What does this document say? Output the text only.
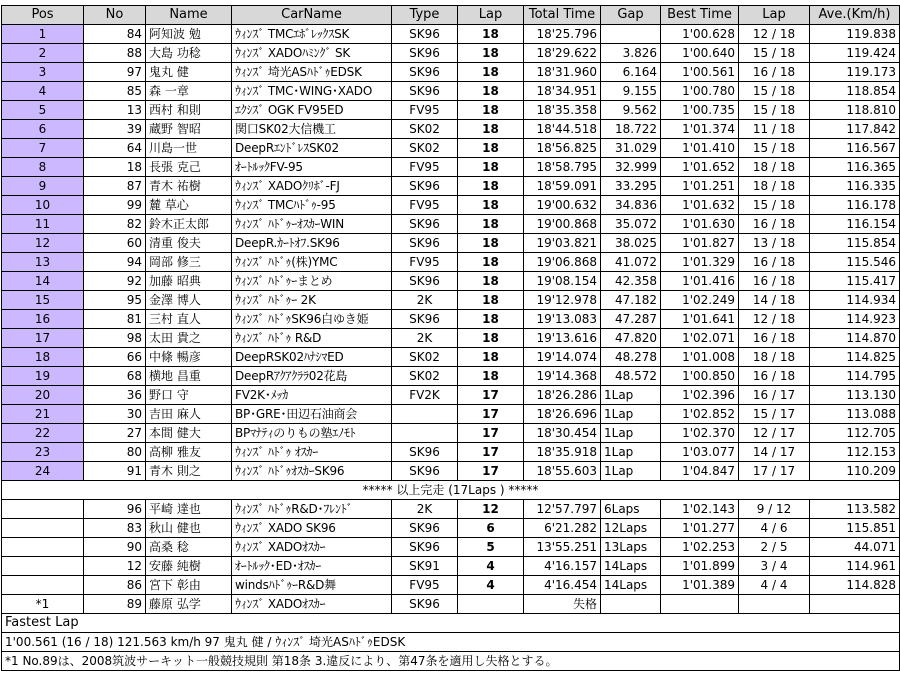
Pos	No	Name	CarName	Type	Lap	Total Time	Gap	Best Time	Lap	Ave.(Km/h)
1	84	阿知波 勉	ｳｨﾝｽﾞ TMCｴﾎﾞﾚｯｸｽSK	SK96	18	18'25.796		1'00.628	12 / 18	119.838
2	88	大島 功稔	ｳｨﾝｽﾞ XADOﾊﾐﾝｸﾞ SK	SK96	18	18'29.622	3.826	1'00.640	15 / 18	119.424
3	97	鬼丸 健	ｳｨﾝｽﾞ 埼光ASﾊﾄﾞｩEDSK	SK96	18	18'31.960	6.164	1'00.561	16 / 18	119.173
4	85	森 一章	ｳｨﾝｽﾞ TMC･WING･XADO	SK96	18	18'34.951	9.155	1'00.780	15 / 18	118.854
5	13	西村 和則	ｴｸｼｽﾞ OGK FV95ED	FV95	18	18'35.358	9.562	1'00.735	15 / 18	118.810
6	39	蔵野 智昭	関口SK02大信機工	SK02	18	18'44.518	18.722	1'01.374	11 / 18	117.842
7	64	川島一世	DeepRｴﾝﾄﾞﾚｽSK02	SK02	18	18'56.825	31.029	1'01.410	15 / 18	116.567
8	18	長張 克己	ｵｰﾄﾙｯｸFV-95	FV95	18	18'58.795	32.999	1'01.652	18 / 18	116.365
9	87	青木 祐樹	ｳｨﾝｽﾞ XADOｸﾘﾎﾞ-FJ	SK96	18	18'59.091	33.295	1'01.251	18 / 18	116.335
10	99	麓 草心	ｳｨﾝｽﾞ TMCﾊﾄﾞｩ-95	FV95	18	19'00.632	34.836	1'01.632	15 / 18	116.178
11	82	鈴木正太郎	ｳｨﾝｽﾞ ﾊﾄﾞｩｰｵｽｶｰWIN	SK96	18	19'00.868	35.072	1'01.630	16 / 18	116.154
12	60	清重 俊夫	DeepR.ｶｰﾄｵﾌ.SK96	SK96	18	19'03.821	38.025	1'01.827	13 / 18	115.854
13	94	岡部 修三	ｳｨﾝｽﾞ ﾊﾄﾞｩ(株)YMC	FV95	18	19'06.868	41.072	1'01.329	16 / 18	115.546
14	92	加藤 昭典	ｳｨﾝｽﾞ ﾊﾄﾞｩｰまとめ	SK96	18	19'08.154	42.358	1'01.416	16 / 18	115.417
15	95	金澤 博人	ｳｨﾝｽﾞ ﾊﾄﾞｩｰ 2K	2K	18	19'12.978	47.182	1'02.249	14 / 18	114.934
16	81	三村 直人	ｳｨﾝｽﾞ ﾊﾄﾞｩSK96白ゆき姫	SK96	18	19'13.083	47.287	1'01.641	12 / 18	114.923
17	98	太田 貴之	ｳｨﾝｽﾞ ﾊﾄﾞｩ R&D	2K	18	19'13.616	47.820	1'02.071	16 / 18	114.870
18	66	中條 暢彦	DeepRSK02ﾊﾅｼﾏED	SK02	18	19'14.074	48.278	1'01.008	18 / 18	114.825
19	68	横地 昌重	DeepRｱｸｱｸﾗﾗ02花島	SK02	18	19'14.368	48.572	1'00.850	16 / 18	114.795
20	36	野口 守	FV2K･ﾒｯｶ	FV2K	17	18'26.286	1Lap	1'02.396	16 / 17	113.130
21	30	吉田 麻人	BP･GRE･田辺石油商会		17	18'26.696	1Lap	1'02.852	15 / 17	113.088
22	27	本間 健大	BPﾏﾅﾃｨのりもの塾ｴﾉﾓﾄ		17	18'30.454	1Lap	1'02.370	12 / 17	112.705
23	80	高柳 雅友	ｳｨﾝｽﾞ ﾊﾄﾞｩ ｵｽｶｰ	SK96	17	18'35.918	1Lap	1'03.077	14 / 17	112.153
24	91	青木 則之	ｳｨﾝｽﾞ ﾊﾄﾞｩｵｽｶｰSK96	SK96	17	18'55.603	1Lap	1'04.847	17 / 17	110.209
***** 以上完走 (17Laps ) *****										
	96	平崎 達也	ｳｨﾝｽﾞ ﾊﾄﾞｩR&D･ﾌﾚﾝﾄﾞ	2K	12	12'57.797	6Laps	1'02.143	9 / 12	113.582
	83	秋山 健也	ｳｨﾝｽﾞ XADO SK96	SK96	6	6'21.282	12Laps	1'01.277	4 / 6	115.851
	90	高桑 稔	ｳｨﾝｽﾞ XADOｵｽｶｰ	SK96	5	13'55.251	13Laps	1'02.253	2 / 5	44.071
	12	安藤 純樹	ｵｰﾄﾙｯｸ･ED･ｵｽｶｰ	SK91	4	4'16.157	14Laps	1'01.899	3 / 4	114.961
	86	宮下 彰由	windsﾊﾄﾞｩｰR&D舞	FV95	4	4'16.454	14Laps	1'01.389	4 / 4	114.828
*1	89	藤原 弘学	ｳｨﾝｽﾞ XADOｵｽｶｰ	SK96		失格				
Fastest Lap										
1'00.561 (16 / 18) 121.563 km/h 97 鬼丸 健 / ｳｨﾝｽﾞ 埼光ASﾊﾄﾞｩEDSK										
*1 No.89は、2008筑波サーキット一般競技規則 第18条 3.違反により、第47条を適用し失格とする。										
